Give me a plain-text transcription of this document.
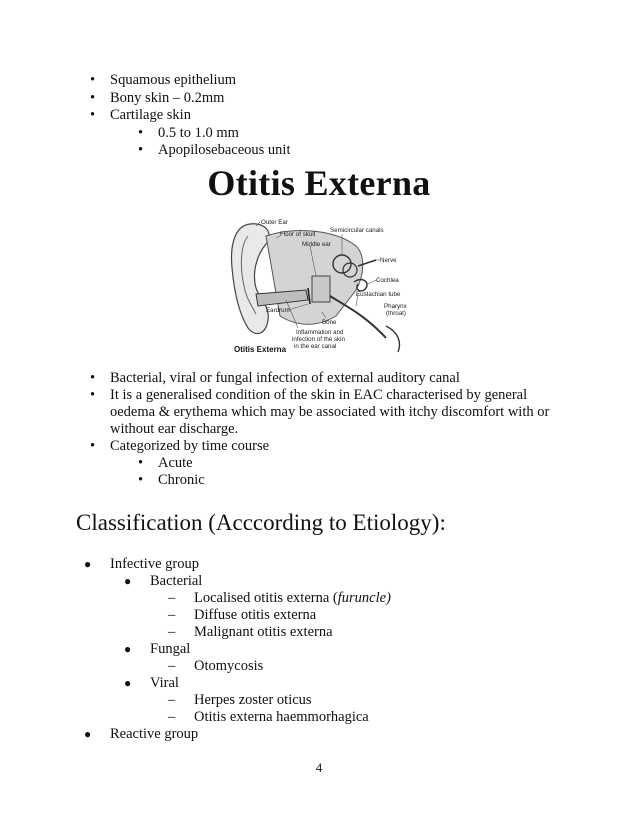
• Squamous epithelium
• Bony skin – 0.2mm
• Cartilage skin
• 0.5 to 1.0 mm
• Apopilosebaceous unit
Otitis Externa
Outer Ear
Floor of skull
Middle ear
Semicircular canals
Nerve
Cochlea
Eustachian tube
Pharynx
(throat)
Eardrum
Bone
Inflammation and
infection of the skin
in the ear canal
Otitis Externa
• Bacterial, viral or fungal infection of external auditory canal
• It is a generalised condition of the skin in EAC characterised by general oedema & erythema which may be associated with itchy discomfort with or without ear discharge.
• Categorized by time course
• Acute
• Chronic
Classification (Acccording to Etiology):
● Infective group
● Bacterial
– Localised otitis externa (furuncle)
– Diffuse otitis externa
– Malignant otitis externa
● Fungal
– Otomycosis
● Viral
– Herpes zoster oticus
– Otitis externa haemmorhagica
● Reactive group
4
